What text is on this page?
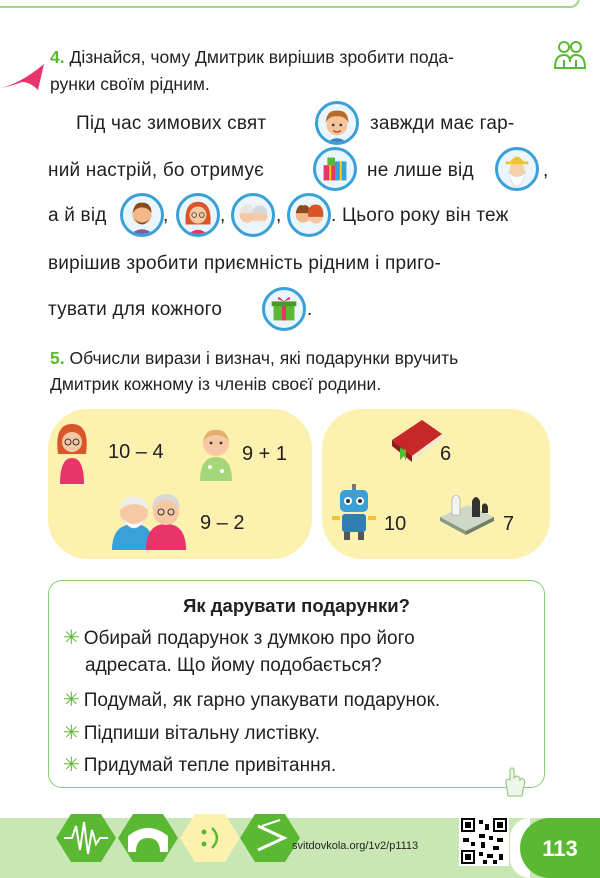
4. Дізнайся, чому Дмитрик вирішив зробити пода-
рунки своїм рідним.
Під час зимових свят	завжди має гар-
ний настрій, бо отримує	не лише від	,
а й від	,	,	,	. Цього року він теж
вирішив зробити приємність рідним і приго-
тувати для кожного	.
5. Обчисли вирази і визнач, які подарунки вручить
Дмитрик кожному із членів своєї родини.
10 – 4	9 + 1
9 – 2
6
10	7
Як дарувати подарунки?
✳ Обирай подарунок з думкою про його
адресата. Що йому подобається?
✳ Подумай, як гарно упакувати подарунок.
✳ Підпиши вітальну листівку.
✳ Придумай тепле привітання.
svitdovkola.org/1v2/p1113	113
